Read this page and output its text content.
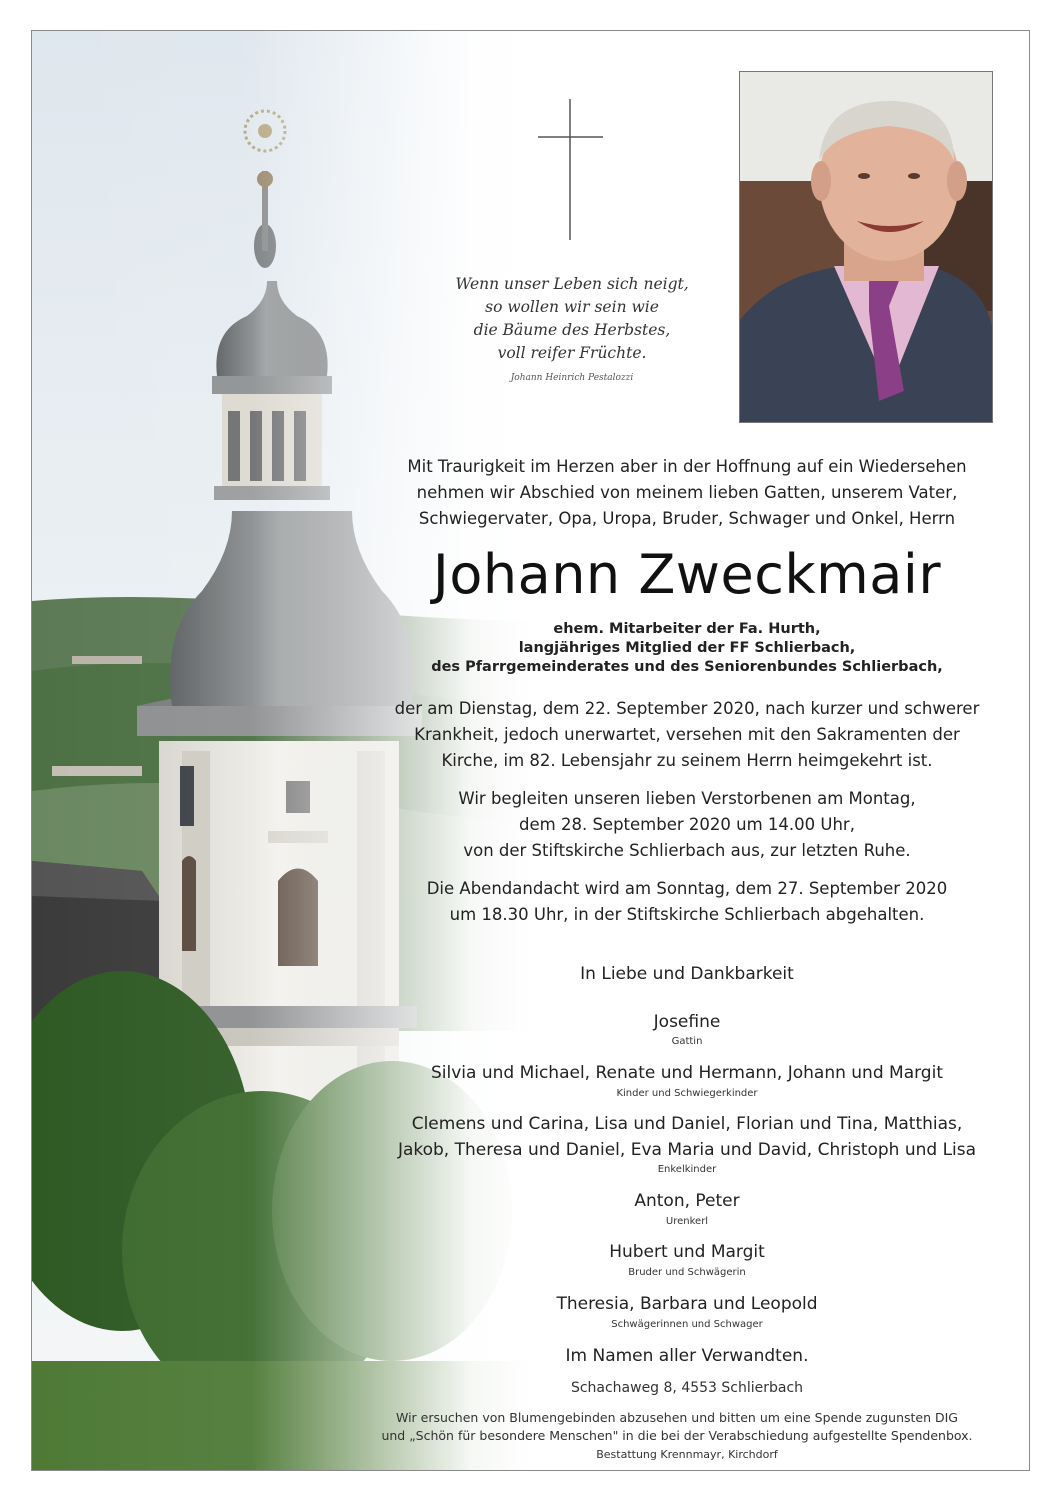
Wenn unser Leben sich neigt,
so wollen wir sein wie
die Bäume des Herbstes,
voll reifer Früchte.
Johann Heinrich Pestalozzi
Mit Traurigkeit im Herzen aber in der Hoffnung auf ein Wiedersehen
nehmen wir Abschied von meinem lieben Gatten, unserem Vater,
Schwiegervater, Opa, Uropa, Bruder, Schwager und Onkel, Herrn
Johann Zweckmair
ehem. Mitarbeiter der Fa. Hurth,
langjähriges Mitglied der FF Schlierbach,
des Pfarrgemeinderates und des Seniorenbundes Schlierbach,
der am Dienstag, dem 22. September 2020, nach kurzer und schwerer
Krankheit, jedoch unerwartet, versehen mit den Sakramenten der
Kirche, im 82. Lebensjahr zu seinem Herrn heimgekehrt ist.
Wir begleiten unseren lieben Verstorbenen am Montag,
dem 28. September 2020 um 14.00 Uhr,
von der Stiftskirche Schlierbach aus, zur letzten Ruhe.
Die Abendandacht wird am Sonntag, dem 27. September 2020
um 18.30 Uhr, in der Stiftskirche Schlierbach abgehalten.
In Liebe und Dankbarkeit
Josefine
Gattin
Silvia und Michael, Renate und Hermann, Johann und Margit
Kinder und Schwiegerkinder
Clemens und Carina, Lisa und Daniel, Florian und Tina, Matthias,
Jakob, Theresa und Daniel, Eva Maria und David, Christoph und Lisa
Enkelkinder
Anton, Peter
Urenkerl
Hubert und Margit
Bruder und Schwägerin
Theresia, Barbara und Leopold
Schwägerinnen und Schwager
Im Namen aller Verwandten.
Schachaweg 8, 4553 Schlierbach
Wir ersuchen von Blumengebinden abzusehen und bitten um eine Spende zugunsten DIG
und „Schön für besondere Menschen" in die bei der Verabschiedung aufgestellte Spendenbox.
Bestattung Krennmayr, Kirchdorf
